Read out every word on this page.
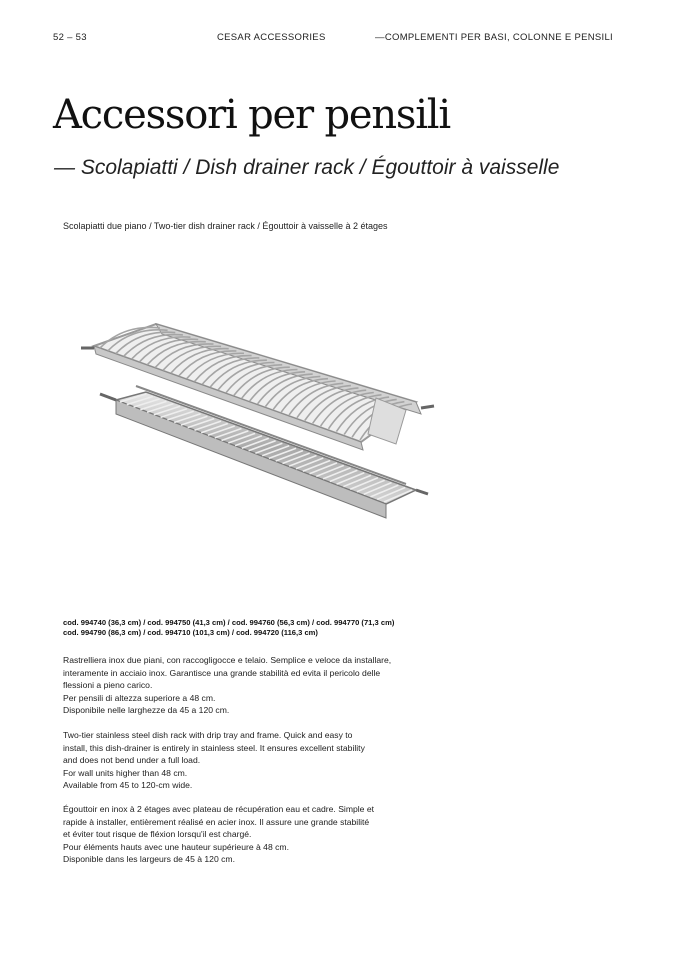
52 – 53	CESAR ACCESSORIES	—COMPLEMENTI PER BASI, COLONNE E PENSILI
Accessori per pensili
— Scolapiatti / Dish drainer rack / Égouttoir à vaisselle
Scolapiatti due piano / Two-tier dish drainer rack / Égouttoir à vaisselle à 2 étages
cod. 994740 (36,3 cm) / cod. 994750 (41,3 cm) / cod. 994760 (56,3 cm) / cod. 994770 (71,3 cm)
cod. 994790 (86,3 cm) / cod. 994710 (101,3 cm) / cod. 994720 (116,3 cm)
Rastrelliera inox due piani, con raccogligocce e telaio. Semplice e veloce da installare,
interamente in acciaio inox. Garantisce una grande stabilità ed evita il pericolo delle
flessioni a pieno carico.
Per pensili di altezza superiore a 48 cm.
Disponibile nelle larghezze da 45 a 120 cm.
Two-tier stainless steel dish rack with drip tray and frame. Quick and easy to
install, this dish-drainer is entirely in stainless steel. It ensures excellent stability
and does not bend under a full load.
For wall units higher than 48 cm.
Available from 45 to 120-cm wide.
Égouttoir en inox à 2 étages avec plateau de récupération eau et cadre. Simple et
rapide à installer, entièrement réalisé en acier inox. Il assure une grande stabilité
et éviter tout risque de fléxion lorsqu'il est chargé.
Pour éléments hauts avec une hauteur supérieure à 48 cm.
Disponible dans les largeurs de 45 à 120 cm.
